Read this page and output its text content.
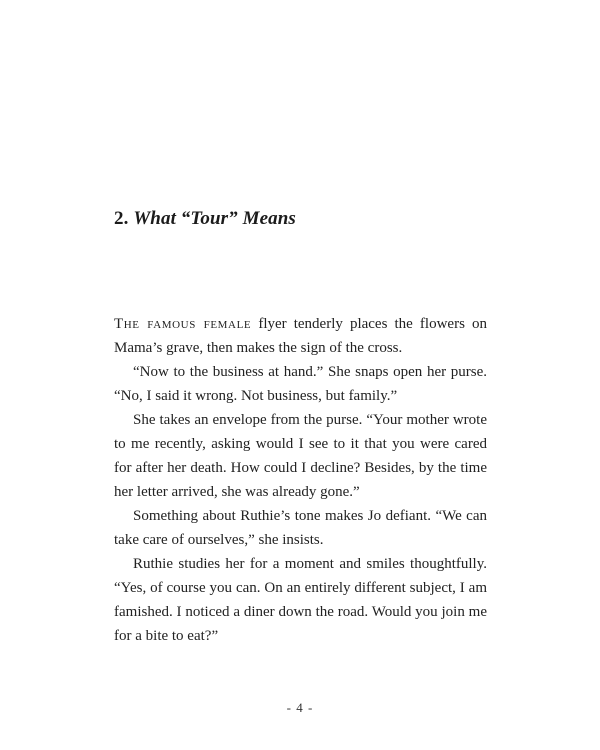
2. What “Tour” Means

The famous female flyer tenderly places the flowers on Mama’s grave, then makes the sign of the cross.

“Now to the business at hand.” She snaps open her purse. “No, I said it wrong. Not business, but family.”

She takes an envelope from the purse. “Your mother wrote to me recently, asking would I see to it that you were cared for after her death. How could I decline? Besides, by the time her letter arrived, she was already gone.”

Something about Ruthie’s tone makes Jo defiant. “We can take care of ourselves,” she insists.

Ruthie studies her for a moment and smiles thoughtfully. “Yes, of course you can. On an entirely different subject, I am famished. I noticed a diner down the road. Would you join me for a bite to eat?”

- 4 -
